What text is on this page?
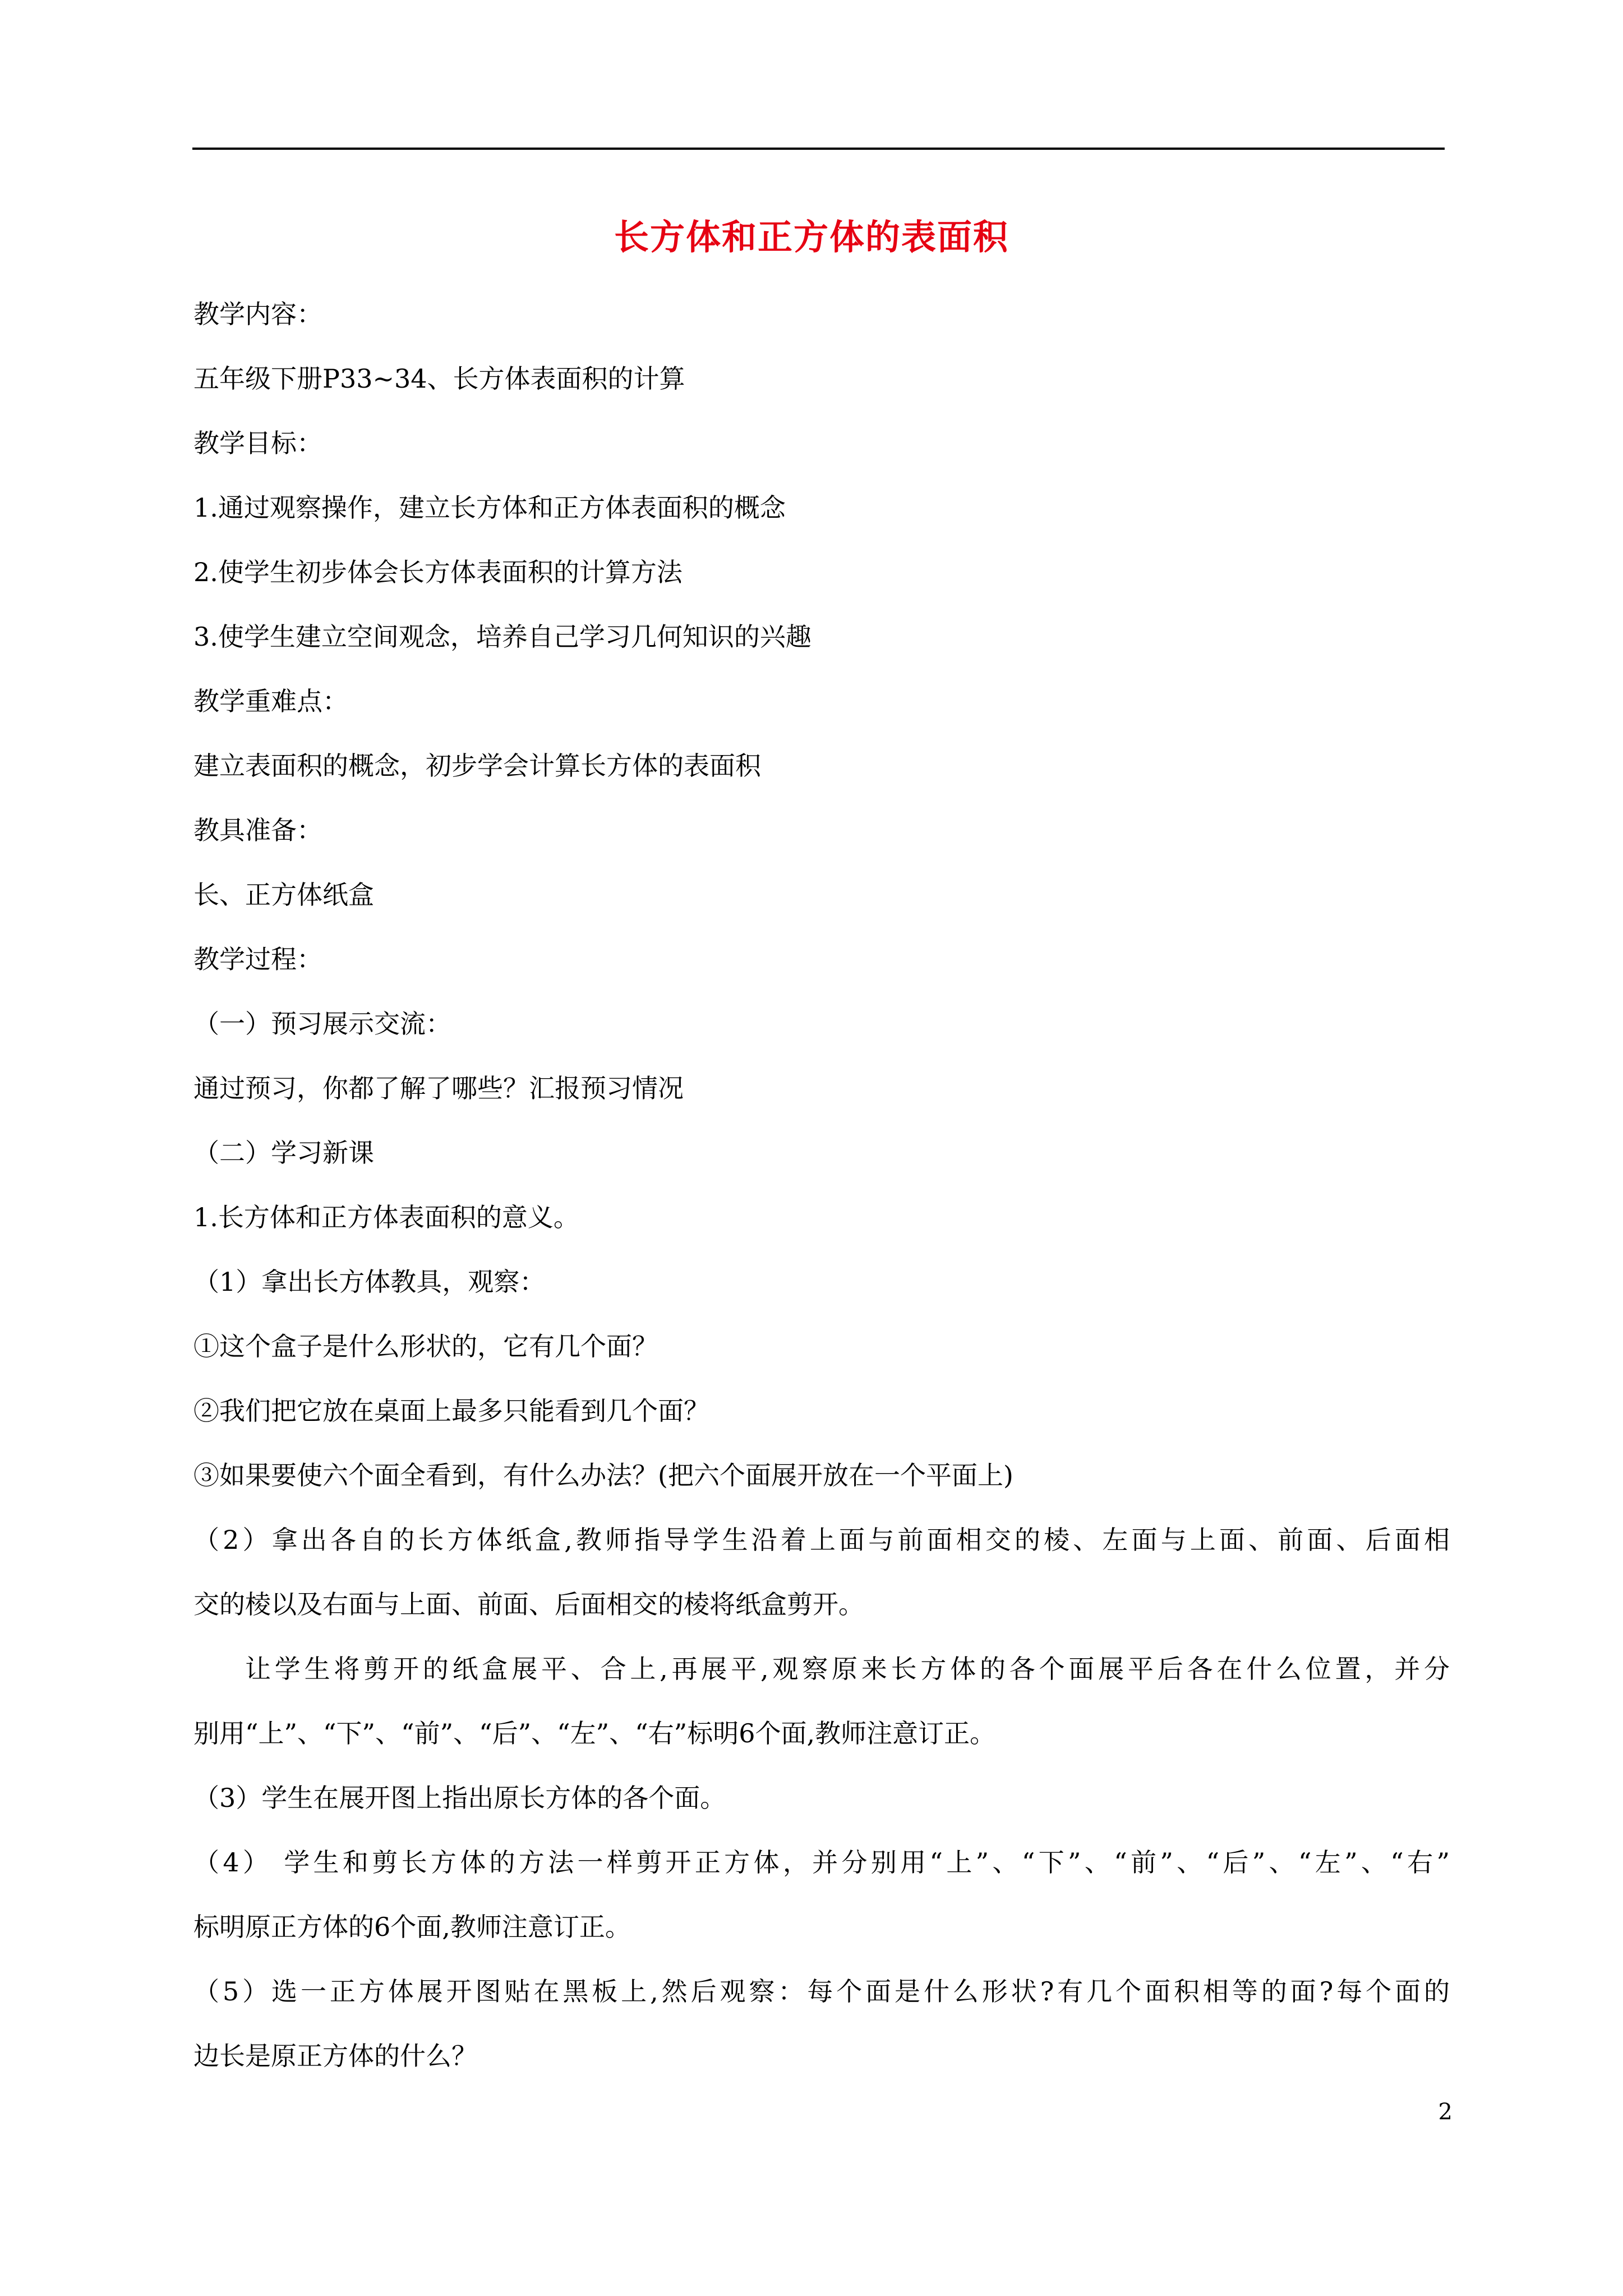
长方体和正方体的表面积
教学内容：
五年级下册P33~34、长方体表面积的计算
教学目标：
1.通过观察操作，建立长方体和正方体表面积的概念
2.使学生初步体会长方体表面积的计算方法
3.使学生建立空间观念，培养自己学习几何知识的兴趣
教学重难点：
建立表面积的概念，初步学会计算长方体的表面积
教具准备：
长、正方体纸盒
教学过程：
（一）预习展示交流：
通过预习，你都了解了哪些？汇报预习情况
（二）学习新课
1.长方体和正方体表面积的意义。
（1）拿出长方体教具，观察：
①这个盒子是什么形状的，它有几个面？
②我们把它放在桌面上最多只能看到几个面？
③如果要使六个面全看到，有什么办法？(把六个面展开放在一个平面上)
（2）拿出各自的长方体纸盒,教师指导学生沿着上面与前面相交的棱、左面与上面、前面、后面相
交的棱以及右面与上面、前面、后面相交的棱将纸盒剪开。
让学生将剪开的纸盒展平、合上,再展平,观察原来长方体的各个面展平后各在什么位置，并分
别用“上”、“下”、“前”、“后”、“左”、“右”标明6个面,教师注意订正。
（3）学生在展开图上指出原长方体的各个面。
（4） 学生和剪长方体的方法一样剪开正方体，并分别用“上”、“下”、“前”、“后”、“左”、“右”
标明原正方体的6个面,教师注意订正。
（5）选一正方体展开图贴在黑板上,然后观察：每个面是什么形状?有几个面积相等的面?每个面的
边长是原正方体的什么？
2
